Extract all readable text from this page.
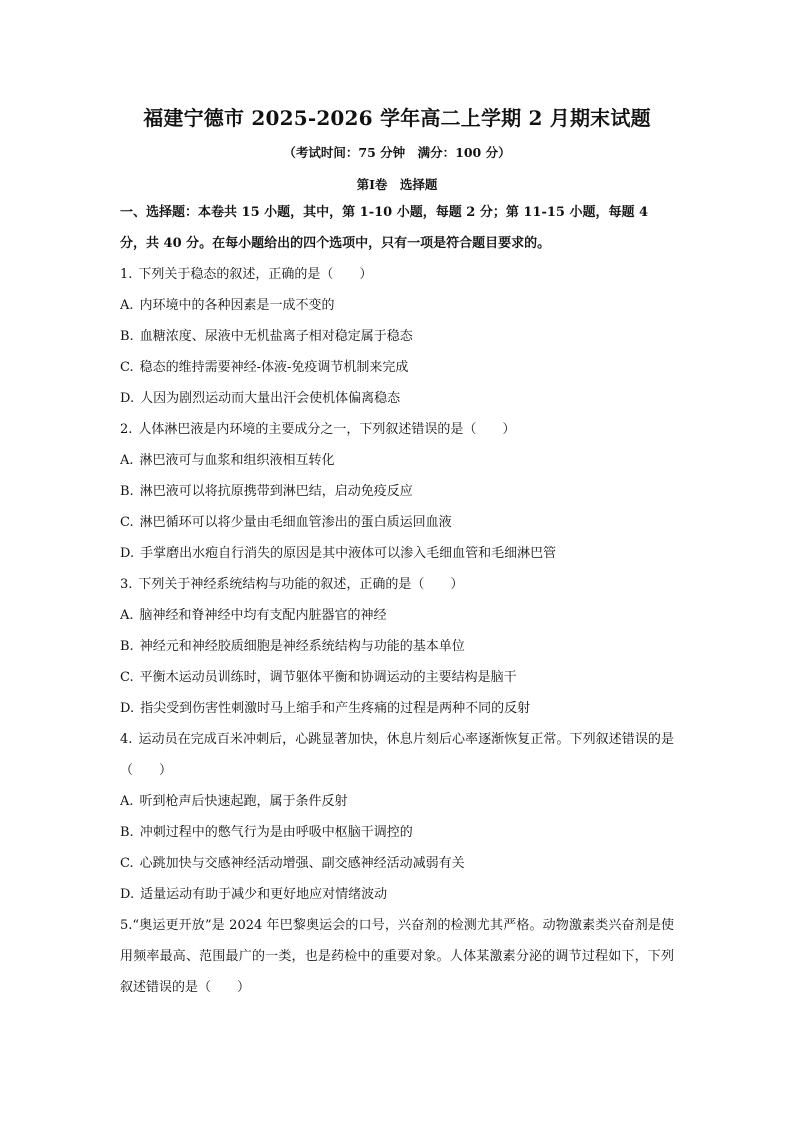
福建宁德市 2025-2026 学年高二上学期 2 月期末试题
（考试时间：75 分钟　满分：100 分）
第Ⅰ卷　选择题
一、选择题：本卷共 15 小题，其中，第 1-10 小题，每题 2 分；第 11-15 小题，每题 4 分，共 40 分。在每小题给出的四个选项中，只有一项是符合题目要求的。
1. 下列关于稳态的叙述，正确的是（　　）
A. 内环境中的各种因素是一成不变的
B. 血糖浓度、尿液中无机盐离子相对稳定属于稳态
C. 稳态的维持需要神经-体液-免疫调节机制来完成
D. 人因为剧烈运动而大量出汗会使机体偏离稳态
2. 人体淋巴液是内环境的主要成分之一，下列叙述错误的是（　　）
A. 淋巴液可与血浆和组织液相互转化
B. 淋巴液可以将抗原携带到淋巴结，启动免疫反应
C. 淋巴循环可以将少量由毛细血管渗出的蛋白质运回血液
D. 手掌磨出水疱自行消失的原因是其中液体可以渗入毛细血管和毛细淋巴管
3. 下列关于神经系统结构与功能的叙述，正确的是（　　）
A. 脑神经和脊神经中均有支配内脏器官的神经
B. 神经元和神经胶质细胞是神经系统结构与功能的基本单位
C. 平衡木运动员训练时，调节躯体平衡和协调运动的主要结构是脑干
D. 指尖受到伤害性刺激时马上缩手和产生疼痛的过程是两种不同的反射
4. 运动员在完成百米冲刺后，心跳显著加快，休息片刻后心率逐渐恢复正常。下列叙述错误的是（　　）
A. 听到枪声后快速起跑，属于条件反射
B. 冲刺过程中的憋气行为是由呼吸中枢脑干调控的
C. 心跳加快与交感神经活动增强、副交感神经活动减弱有关
D. 适量运动有助于减少和更好地应对情绪波动
5.“奥运更开放”是 2024 年巴黎奥运会的口号，兴奋剂的检测尤其严格。动物激素类兴奋剂是使用频率最高、范围最广的一类，也是药检中的重要对象。人体某激素分泌的调节过程如下，下列叙述错误的是（　　）
